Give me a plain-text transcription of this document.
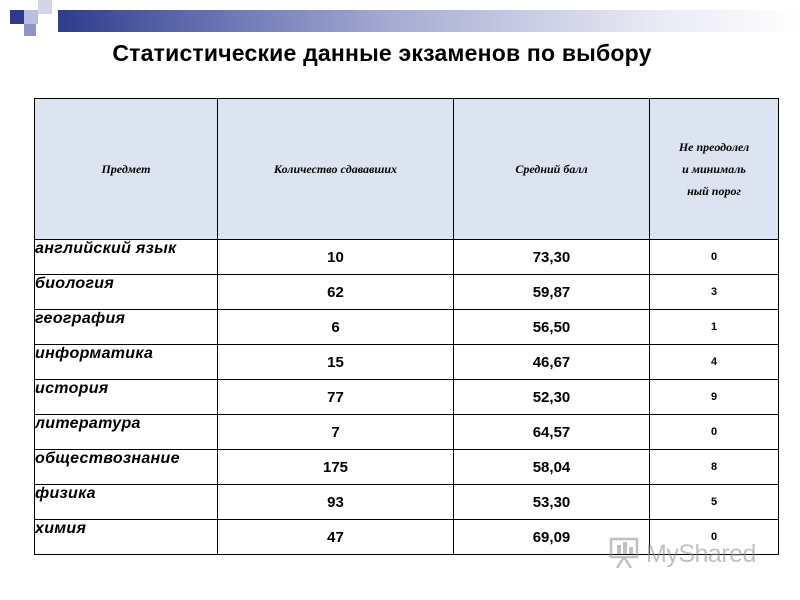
Статистические данные экзаменов по выбору
Предмет	Количество сдававших	Средний балл	Не преодолел и минималь ный порог
английский язык	10	73,30	0
биология	62	59,87	3
география	6	56,50	1
информатика	15	46,67	4
история	77	52,30	9
литература	7	64,57	0
обществознание	175	58,04	8
физика	93	53,30	5
химия	47	69,09	0
MyShared
